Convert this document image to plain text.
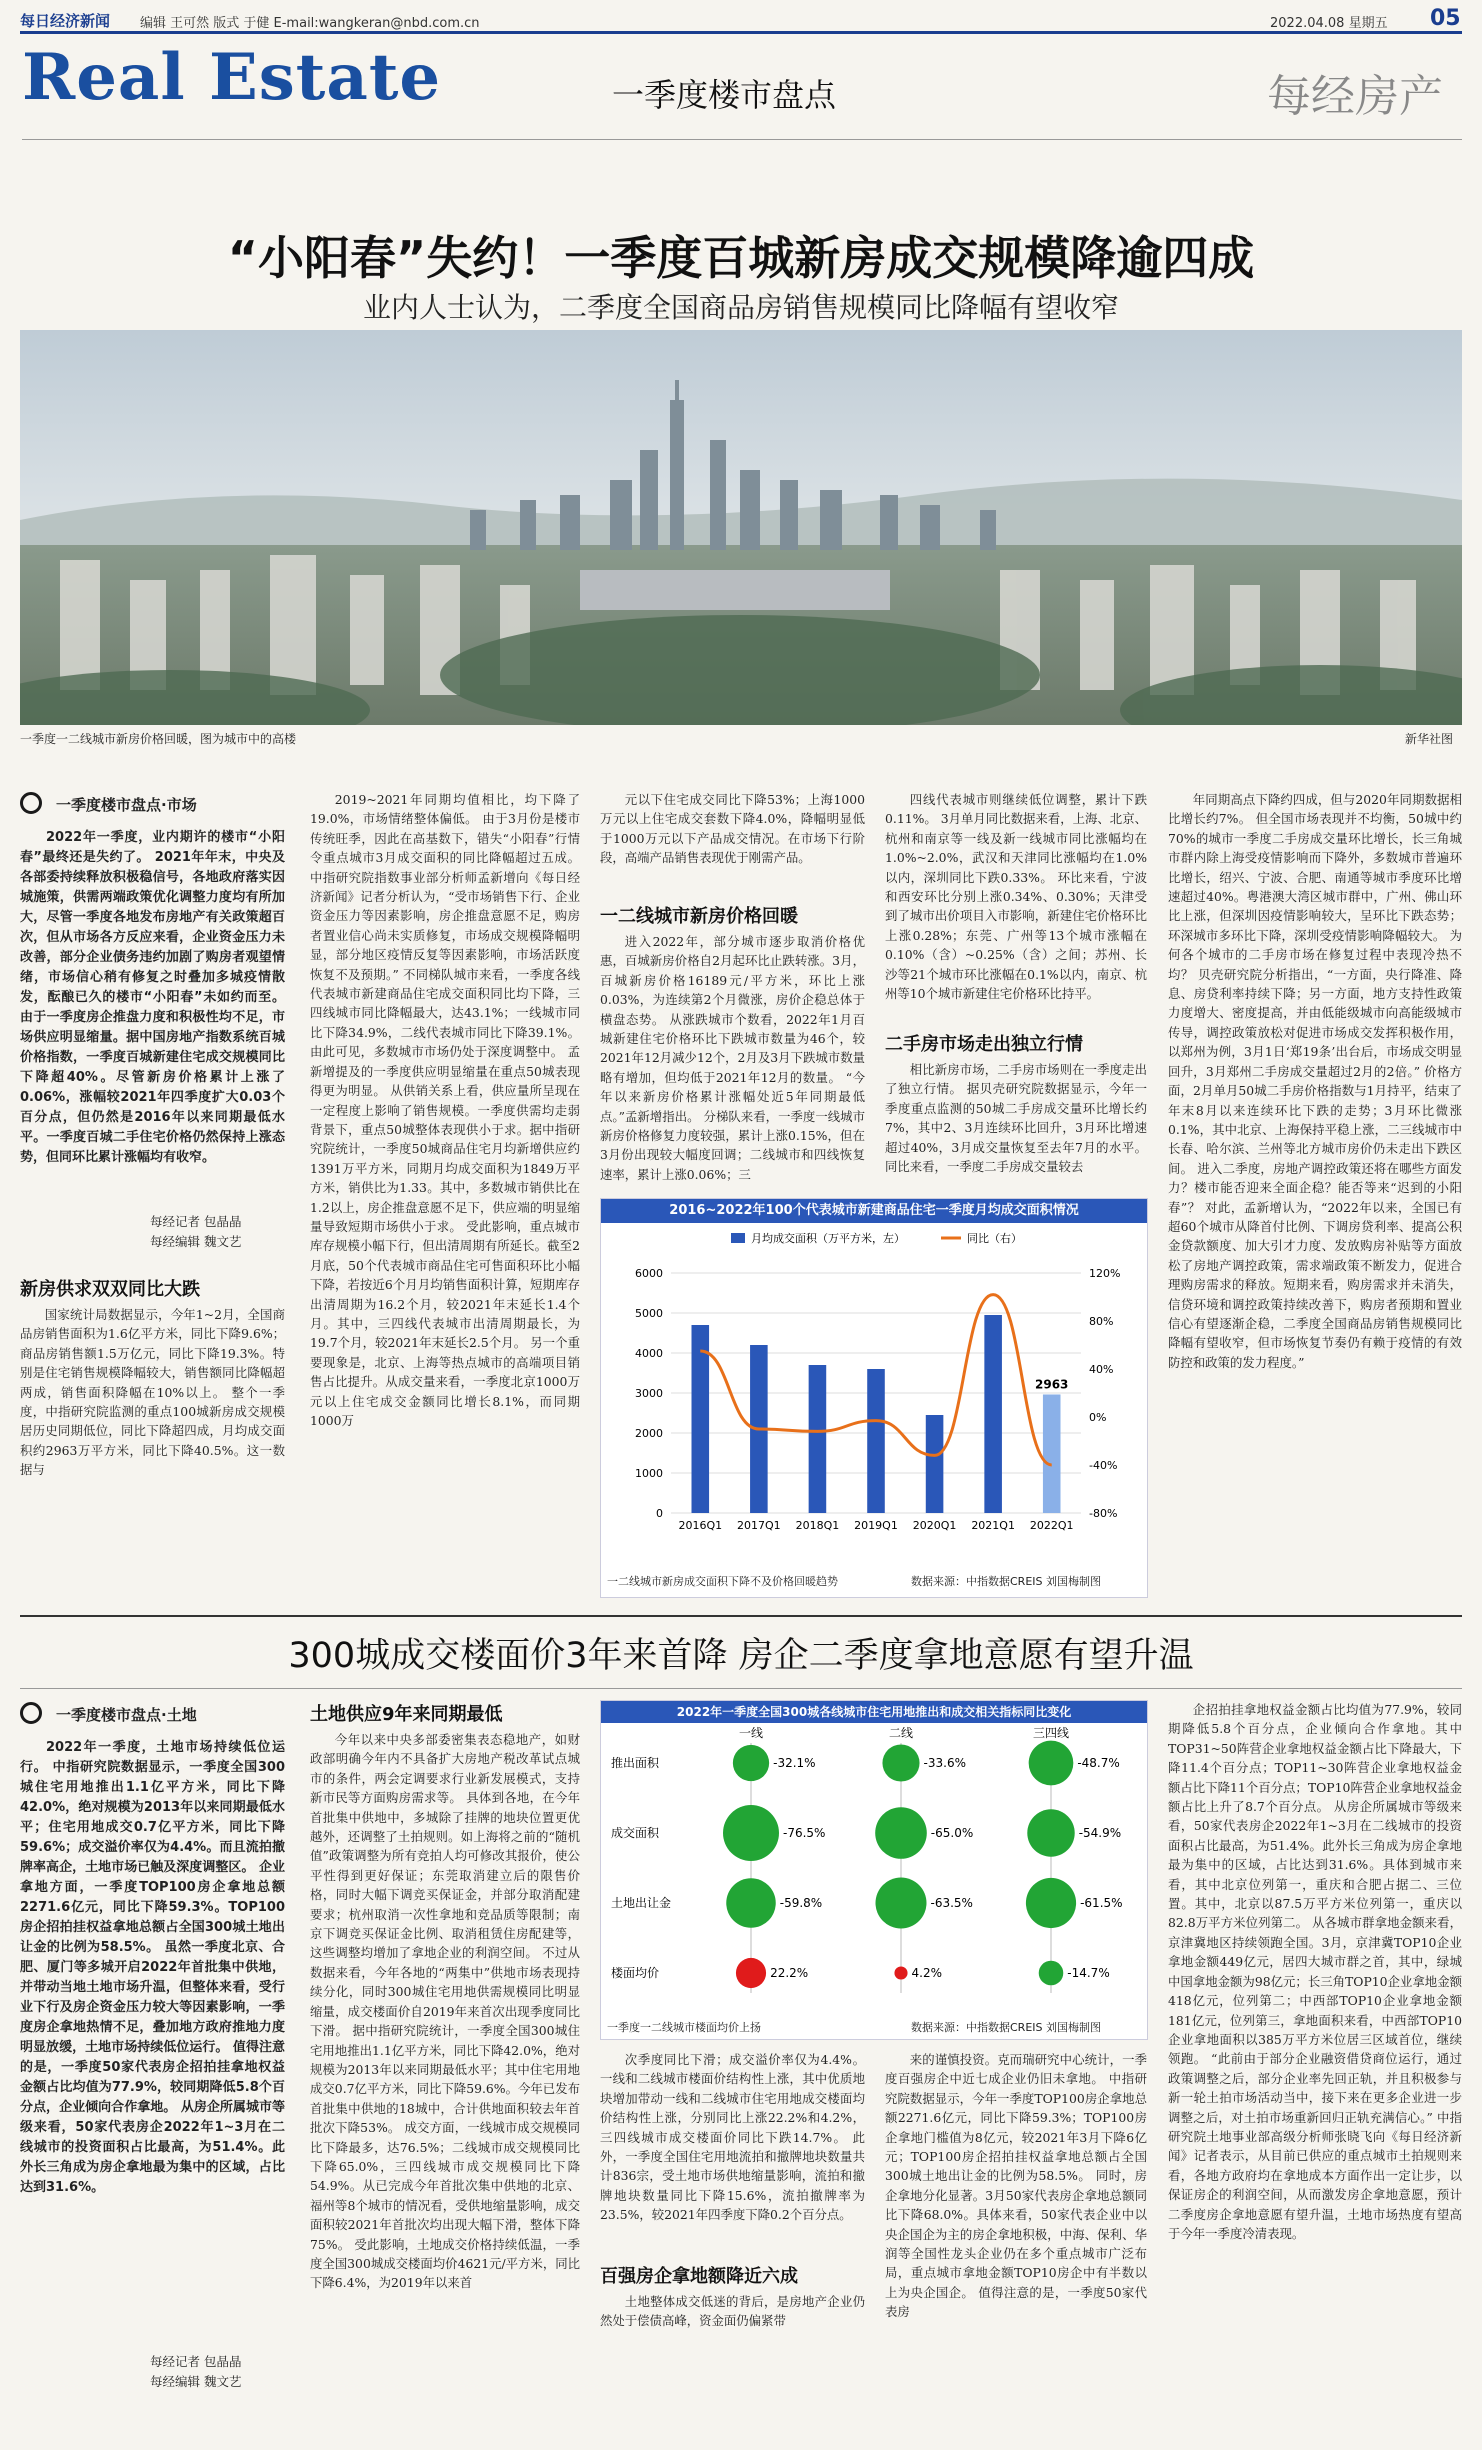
每日经济新闻 编辑 王可然 版式 于健 E-mail:wangkeran@nbd.com.cn	2022.04.08 星期五 05
Real Estate	一季度楼市盘点	每经房产
“小阳春”失约！一季度百城新房成交规模降逾四成
业内人士认为，二季度全国商品房销售规模同比降幅有望收窄
一季度一二线城市新房价格回暖，图为城市中的高楼	新华社图
一季度楼市盘点·市场

2022年一季度，业内期许的楼市“小阳春”最终还是失约了。 2021年年末，中央及各部委持续释放积极稳信号，各地政府落实因城施策，供需两端政策优化调整力度均有所加大，尽管一季度各地发布房地产有关政策超百次，但从市场各方反应来看，企业资金压力未改善，部分企业债务违约加剧了购房者观望情绪，市场信心稍有修复之时叠加多城疫情散发，酝酿已久的楼市“小阳春”未如约而至。 由于一季度房企推盘力度和积极性均不足，市场供应明显缩量。据中国房地产指数系统百城价格指数，一季度百城新建住宅成交规模同比下降超40%。尽管新房价格累计上涨了0.06%，涨幅较2021年四季度扩大0.03个百分点，但仍然是2016年以来同期最低水平。一季度百城二手住宅价格仍然保持上涨态势，但同环比累计涨幅均有收窄。

每经记者 包晶晶
每经编辑 魏文艺
新房供求双双同比大跌

国家统计局数据显示，今年1~2月，全国商品房销售面积为1.6亿平方米，同比下降9.6%；商品房销售额1.5万亿元，同比下降19.3%。特别是住宅销售规模降幅较大，销售额同比降幅超两成，销售面积降幅在10%以上。 整个一季度，中指研究院监测的重点100城新房成交规模居历史同期低位，同比下降超四成，月均成交面积约2963万平方米，同比下降40.5%。这一数据与

2019~2021年同期均值相比，均下降了19.0%，市场情绪整体偏低。 由于3月份是楼市传统旺季，因此在高基数下，错失“小阳春”行情令重点城市3月成交面积的同比降幅超过五成。 中指研究院指数事业部分析师孟新增向《每日经济新闻》记者分析认为，“受市场销售下行、企业资金压力等因素影响，房企推盘意愿不足，购房者置业信心尚未实质修复，市场成交规模降幅明显，部分地区疫情反复等因素影响，市场活跃度恢复不及预期。” 不同梯队城市来看，一季度各线代表城市新建商品住宅成交面积同比均下降，三四线城市同比降幅最大，达43.1%；一线城市同比下降34.9%，二线代表城市同比下降39.1%。由此可见，多数城市市场仍处于深度调整中。 孟新增提及的一季度供应明显缩量在重点50城表现得更为明显。 从供销关系上看，供应量所呈现在一定程度上影响了销售规模。一季度供需均走弱背景下，重点50城整体表现供小于求。据中指研究院统计，一季度50城商品住宅月均新增供应约1391万平方米，同期月均成交面积为1849万平方米，销供比为1.33。其中，多数城市销供比在1.2以上，房企推盘意愿不足下，供应端的明显缩量导致短期市场供小于求。 受此影响，重点城市库存规模小幅下行，但出清周期有所延长。截至2月底，50个代表城市商品住宅可售面积环比小幅下降，若按近6个月月均销售面积计算，短期库存出清周期为16.2个月，较2021年末延长1.4个月。其中，三四线代表城市出清周期最长，为19.7个月，较2021年末延长2.5个月。 另一个重要现象是，北京、上海等热点城市的高端项目销售占比提升。从成交量来看，一季度北京1000万元以上住宅成交金额同比增长8.1%，而同期1000万

元以下住宅成交同比下降53%；上海1000万元以上住宅成交套数下降4.0%，降幅明显低于1000万元以下产品成交情况。在市场下行阶段，高端产品销售表现优于刚需产品。

一二线城市新房价格回暖

进入2022年，部分城市逐步取消价格优惠，百城新房价格自2月起环比止跌转涨。3月，百城新房价格16189元/平方米，环比上涨0.03%，为连续第2个月微涨，房价企稳总体于横盘态势。 从涨跌城市个数看，2022年1月百城新建住宅价格环比下跌城市数量为46个，较2021年12月减少12个，2月及3月下跌城市数量略有增加，但均低于2021年12月的数量。 “今年以来新房价格累计涨幅处近5年同期最低点。”孟新增指出。 分梯队来看，一季度一线城市新房价格修复力度较强，累计上涨0.15%，但在3月份出现较大幅度回调；二线城市和四线恢复速率，累计上涨0.06%；三

四线代表城市则继续低位调整，累计下跌0.11%。 3月单月同比数据来看，上海、北京、杭州和南京等一线及新一线城市同比涨幅均在1.0%~2.0%，武汉和天津同比涨幅均在1.0%以内，深圳同比下跌0.33%。 环比来看，宁波和西安环比分别上涨0.34%、0.30%；天津受到了城市出价项目入市影响，新建住宅价格环比上涨0.28%；东莞、广州等13个城市涨幅在0.10%（含）~0.25%（含）之间；苏州、长沙等21个城市环比涨幅在0.1%以内，南京、杭州等10个城市新建住宅价格环比持平。

二手房市场走出独立行情

相比新房市场，二手房市场则在一季度走出了独立行情。 据贝壳研究院数据显示，今年一季度重点监测的50城二手房成交量环比增长约7%，其中2、3月连续环比回升，3月环比增速超过40%，3月成交量恢复至去年7月的水平。 同比来看，一季度二手房成交量较去

年同期高点下降约四成，但与2020年同期数据相比增长约7%。 但全国市场表现并不均衡，50城中约70%的城市一季度二手房成交量环比增长，长三角城市群内除上海受疫情影响而下降外，多数城市普遍环比增长，绍兴、宁波、合肥、南通等城市季度环比增速超过40%。粤港澳大湾区城市群中，广州、佛山环比上涨，但深圳因疫情影响较大，呈环比下跌态势；环深城市多环比下降，深圳受疫情影响降幅较大。 为何各个城市的二手房市场在修复过程中表现冷热不均？ 贝壳研究院分析指出，“一方面，央行降准、降息、房贷利率持续下降；另一方面，地方支持性政策力度增大、密度提高，并由低能级城市向高能级城市传导，调控政策放松对促进市场成交发挥积极作用，以郑州为例，3月1日‘郑19条’出台后，市场成交明显回升，3月郑州二手房成交量超过2月的2倍。” 价格方面，2月单月50城二手房价格指数与1月持平，结束了年末8月以来连续环比下跌的走势；3月环比微涨0.1%，其中北京、上海保持平稳上涨，二三线城市中长春、哈尔滨、兰州等北方城市房价仍未走出下跌区间。 进入二季度，房地产调控政策还将在哪些方面发力？楼市能否迎来全面企稳？能否等来“迟到的小阳春”？ 对此，孟新增认为，“2022年以来，全国已有超60个城市从降首付比例、下调房贷利率、提高公积金贷款额度、加大引才力度、发放购房补贴等方面放松了房地产调控政策，需求端政策不断发力，促进合理购房需求的释放。短期来看，购房需求并未消失，信贷环境和调控政策持续改善下，购房者预期和置业信心有望逐渐企稳，二季度全国商品房销售规模同比降幅有望收窄，但市场恢复节奏仍有赖于疫情的有效防控和政策的发力程度。”

2016~2022年100个代表城市新建商品住宅一季度月均成交面积情况
月均成交面积（万平方米，左）	同比（右）
6000
5000
4000
3000
2000
1000
0
120%
80%
40%
0%
-40%
-80%
2016Q1 2017Q1 2018Q1 2019Q1 2020Q1 2021Q1 2022Q1
2963
一二线城市新房成交面积下降不及价格回暖趋势	数据来源：中指数据CREIS 刘国梅制图
300城成交楼面价3年来首降 房企二季度拿地意愿有望升温
一季度楼市盘点·土地

2022年一季度，土地市场持续低位运行。 中指研究院数据显示，一季度全国300城住宅用地推出1.1亿平方米，同比下降42.0%，绝对规模为2013年以来同期最低水平；住宅用地成交0.7亿平方米，同比下降59.6%；成交溢价率仅为4.4%。而且流拍撤牌率高企，土地市场已触及深度调整区。 企业拿地方面，一季度TOP100房企拿地总额2271.6亿元，同比下降59.3%。TOP100房企招拍挂权益拿地总额占全国300城土地出让金的比例为58.5%。 虽然一季度北京、合肥、厦门等多城开启2022年首批集中供地，并带动当地土地市场升温，但整体来看，受行业下行及房企资金压力较大等因素影响，一季度房企拿地热情不足，叠加地方政府推地力度明显放缓，土地市场持续低位运行。 值得注意的是，一季度50家代表房企招拍挂拿地权益金额占比均值为77.9%，较同期降低5.8个百分点，企业倾向合作拿地。 从房企所属城市等级来看，50家代表房企2022年1~3月在二线城市的投资面积占比最高，为51.4%。此外长三角成为房企拿地最为集中的区域，占比达到31.6%。

每经记者 包晶晶
每经编辑 魏文艺
土地供应9年来同期最低

今年以来中央多部委密集表态稳地产，如财政部明确今年内不具备扩大房地产税改革试点城市的条件，两会定调要求行业新发展模式，支持新市民等方面购房需求等。 具体到各地，在今年首批集中供地中，多城除了挂牌的地块位置更优越外，还调整了土拍规则。如上海将之前的“随机值”政策调整为所有竞拍人均可修改其报价，使公平性得到更好保证；东莞取消建立后的限售价格，同时大幅下调竞买保证金，并部分取消配建要求；杭州取消一次性拿地和竞品质等限制；南京下调竞买保证金比例、取消租赁住房配建等，这些调整均增加了拿地企业的利润空间。 不过从数据来看，今年各地的“两集中”供地市场表现持续分化，同时300城住宅用地供需规模同比明显缩量，成交楼面价自2019年来首次出现季度同比下滑。 据中指研究院统计，一季度全国300城住宅用地推出1.1亿平方米，同比下降42.0%，绝对规模为2013年以来同期最低水平；其中住宅用地成交0.7亿平方米，同比下降59.6%。今年已发布首批集中供地的18城中，合计供地面积较去年首批次下降53%。 成交方面，一线城市成交规模同比下降最多，达76.5%；二线城市成交规模同比下降65.0%，三四线城市成交规模同比下降54.9%。从已完成今年首批次集中供地的北京、福州等8个城市的情况看，受供地缩量影响，成交面积较2021年首批次均出现大幅下滑，整体下降75%。 受此影响，土地成交价格持续低温，一季度全国300城成交楼面均价4621元/平方米，同比下降6.4%，为2019年以来首

2022年一季度全国300城各线城市住宅用地推出和成交相关指标同比变化
一线	二线	三四线
推出面积	-32.1%	-33.6%	-48.7%
成交面积	-76.5%	-65.0%	-54.9%
土地出让金	-59.8%	-63.5%	-61.5%
楼面均价	22.2%	4.2%	-14.7%
一季度一二线城市楼面均价上扬	数据来源：中指数据CREIS 刘国梅制图

次季度同比下滑；成交溢价率仅为4.4%。 一线和二线城市楼面价结构性上涨，其中优质地块增加带动一线和二线城市住宅用地成交楼面均价结构性上涨，分别同比上涨22.2%和4.2%，三四线城市成交楼面价同比下跌14.7%。 此外，一季度全国住宅用地流拍和撤牌地块数量共计836宗，受土地市场供地缩量影响，流拍和撤牌地块数量同比下降15.6%，流拍撤牌率为23.5%，较2021年四季度下降0.2个百分点。

百强房企拿地额降近六成

土地整体成交低迷的背后，是房地产企业仍然处于偿债高峰，资金面仍偏紧带

来的谨慎投资。克而瑞研究中心统计，一季度百强房企中近七成企业仍旧未拿地。 中指研究院数据显示，今年一季度TOP100房企拿地总额2271.6亿元，同比下降59.3%；TOP100房企拿地门槛值为8亿元，较2021年3月下降6亿元；TOP100房企招拍挂权益拿地总额占全国300城土地出让金的比例为58.5%。 同时，房企拿地分化显著。3月50家代表房企拿地总额同比下降68.0%。具体来看，50家代表企业中以央企国企为主的房企拿地积极，中海、保利、华润等全国性龙头企业仍在多个重点城市广泛布局，重点城市拿地金额TOP10房企中有半数以上为央企国企。 值得注意的是，一季度50家代表房

企招拍挂拿地权益金额占比均值为77.9%，较同期降低5.8个百分点，企业倾向合作拿地。其中TOP31~50阵营企业拿地权益金额占比下降最大，下降11.4个百分点；TOP11~30阵营企业拿地权益金额占比下降11个百分点；TOP10阵营企业拿地权益金额占比上升了8.7个百分点。 从房企所属城市等级来看，50家代表房企2022年1~3月在二线城市的投资面积占比最高，为51.4%。此外长三角成为房企拿地最为集中的区域，占比达到31.6%。具体到城市来看，其中北京位列第一，重庆和合肥占据二、三位置。其中，北京以87.5万平方米位列第一，重庆以82.8万平方米位列第二。 从各城市群拿地金额来看，京津冀地区持续领跑全国。3月，京津冀TOP10企业拿地金额449亿元，居四大城市群之首，其中，绿城中国拿地金额为98亿元；长三角TOP10企业拿地金额418亿元，位列第二；中西部TOP10企业拿地金额181亿元，位列第三，拿地面积来看，中西部TOP10企业拿地面积以385万平方米位居三区域首位，继续领跑。 “此前由于部分企业融资借贷商位运行，通过政策调整之后，部分企业率先回正轨，并且积极参与新一轮土拍市场活动当中，接下来在更多企业进一步调整之后，对土拍市场重新回归正轨充满信心。” 中指研究院土地事业部高级分析师张晓飞向《每日经济新闻》记者表示，从目前已供应的重点城市土拍规则来看，各地方政府均在拿地成本方面作出一定让步，以保证房企的利润空间，从而激发房企拿地意愿，预计二季度房企拿地意愿有望升温，土地市场热度有望高于今年一季度冷清表现。
